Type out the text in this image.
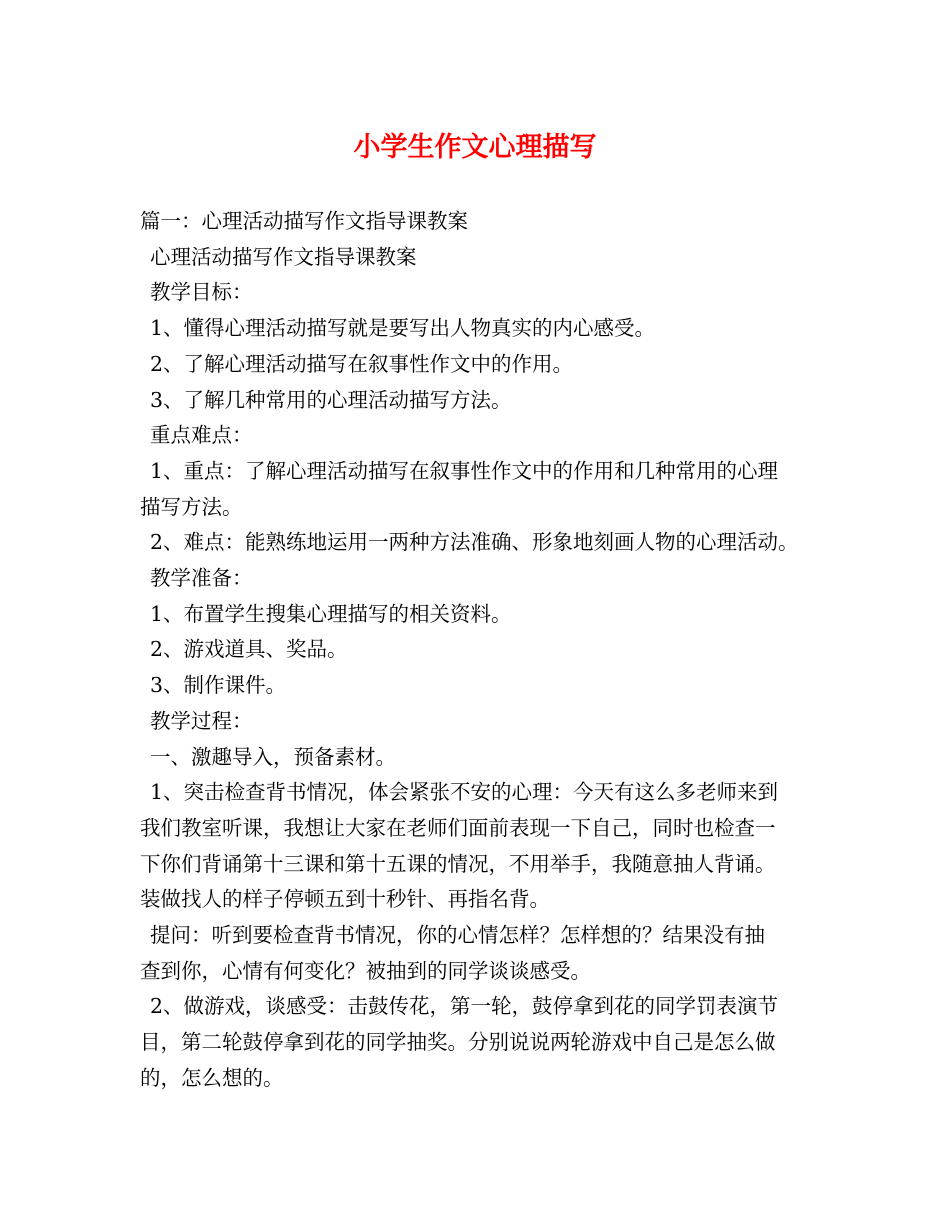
小学生作文心理描写
篇一：心理活动描写作文指导课教案
心理活动描写作文指导课教案
教学目标：
1、懂得心理活动描写就是要写出人物真实的内心感受。
2、了解心理活动描写在叙事性作文中的作用。
3、了解几种常用的心理活动描写方法。
重点难点：
1、重点：了解心理活动描写在叙事性作文中的作用和几种常用的心理
描写方法。
2、难点：能熟练地运用一两种方法准确、形象地刻画人物的心理活动。
教学准备：
1、布置学生搜集心理描写的相关资料。
2、游戏道具、奖品。
3、制作课件。
教学过程：
一、激趣导入，预备素材。
1、突击检查背书情况，体会紧张不安的心理：今天有这么多老师来到
我们教室听课，我想让大家在老师们面前表现一下自己，同时也检查一
下你们背诵第十三课和第十五课的情况，不用举手，我随意抽人背诵。
装做找人的样子停顿五到十秒针、再指名背。
提问：听到要检查背书情况，你的心情怎样？怎样想的？结果没有抽
查到你，心情有何变化？被抽到的同学谈谈感受。
2、做游戏，谈感受：击鼓传花，第一轮，鼓停拿到花的同学罚表演节
目，第二轮鼓停拿到花的同学抽奖。分别说说两轮游戏中自己是怎么做
的，怎么想的。
